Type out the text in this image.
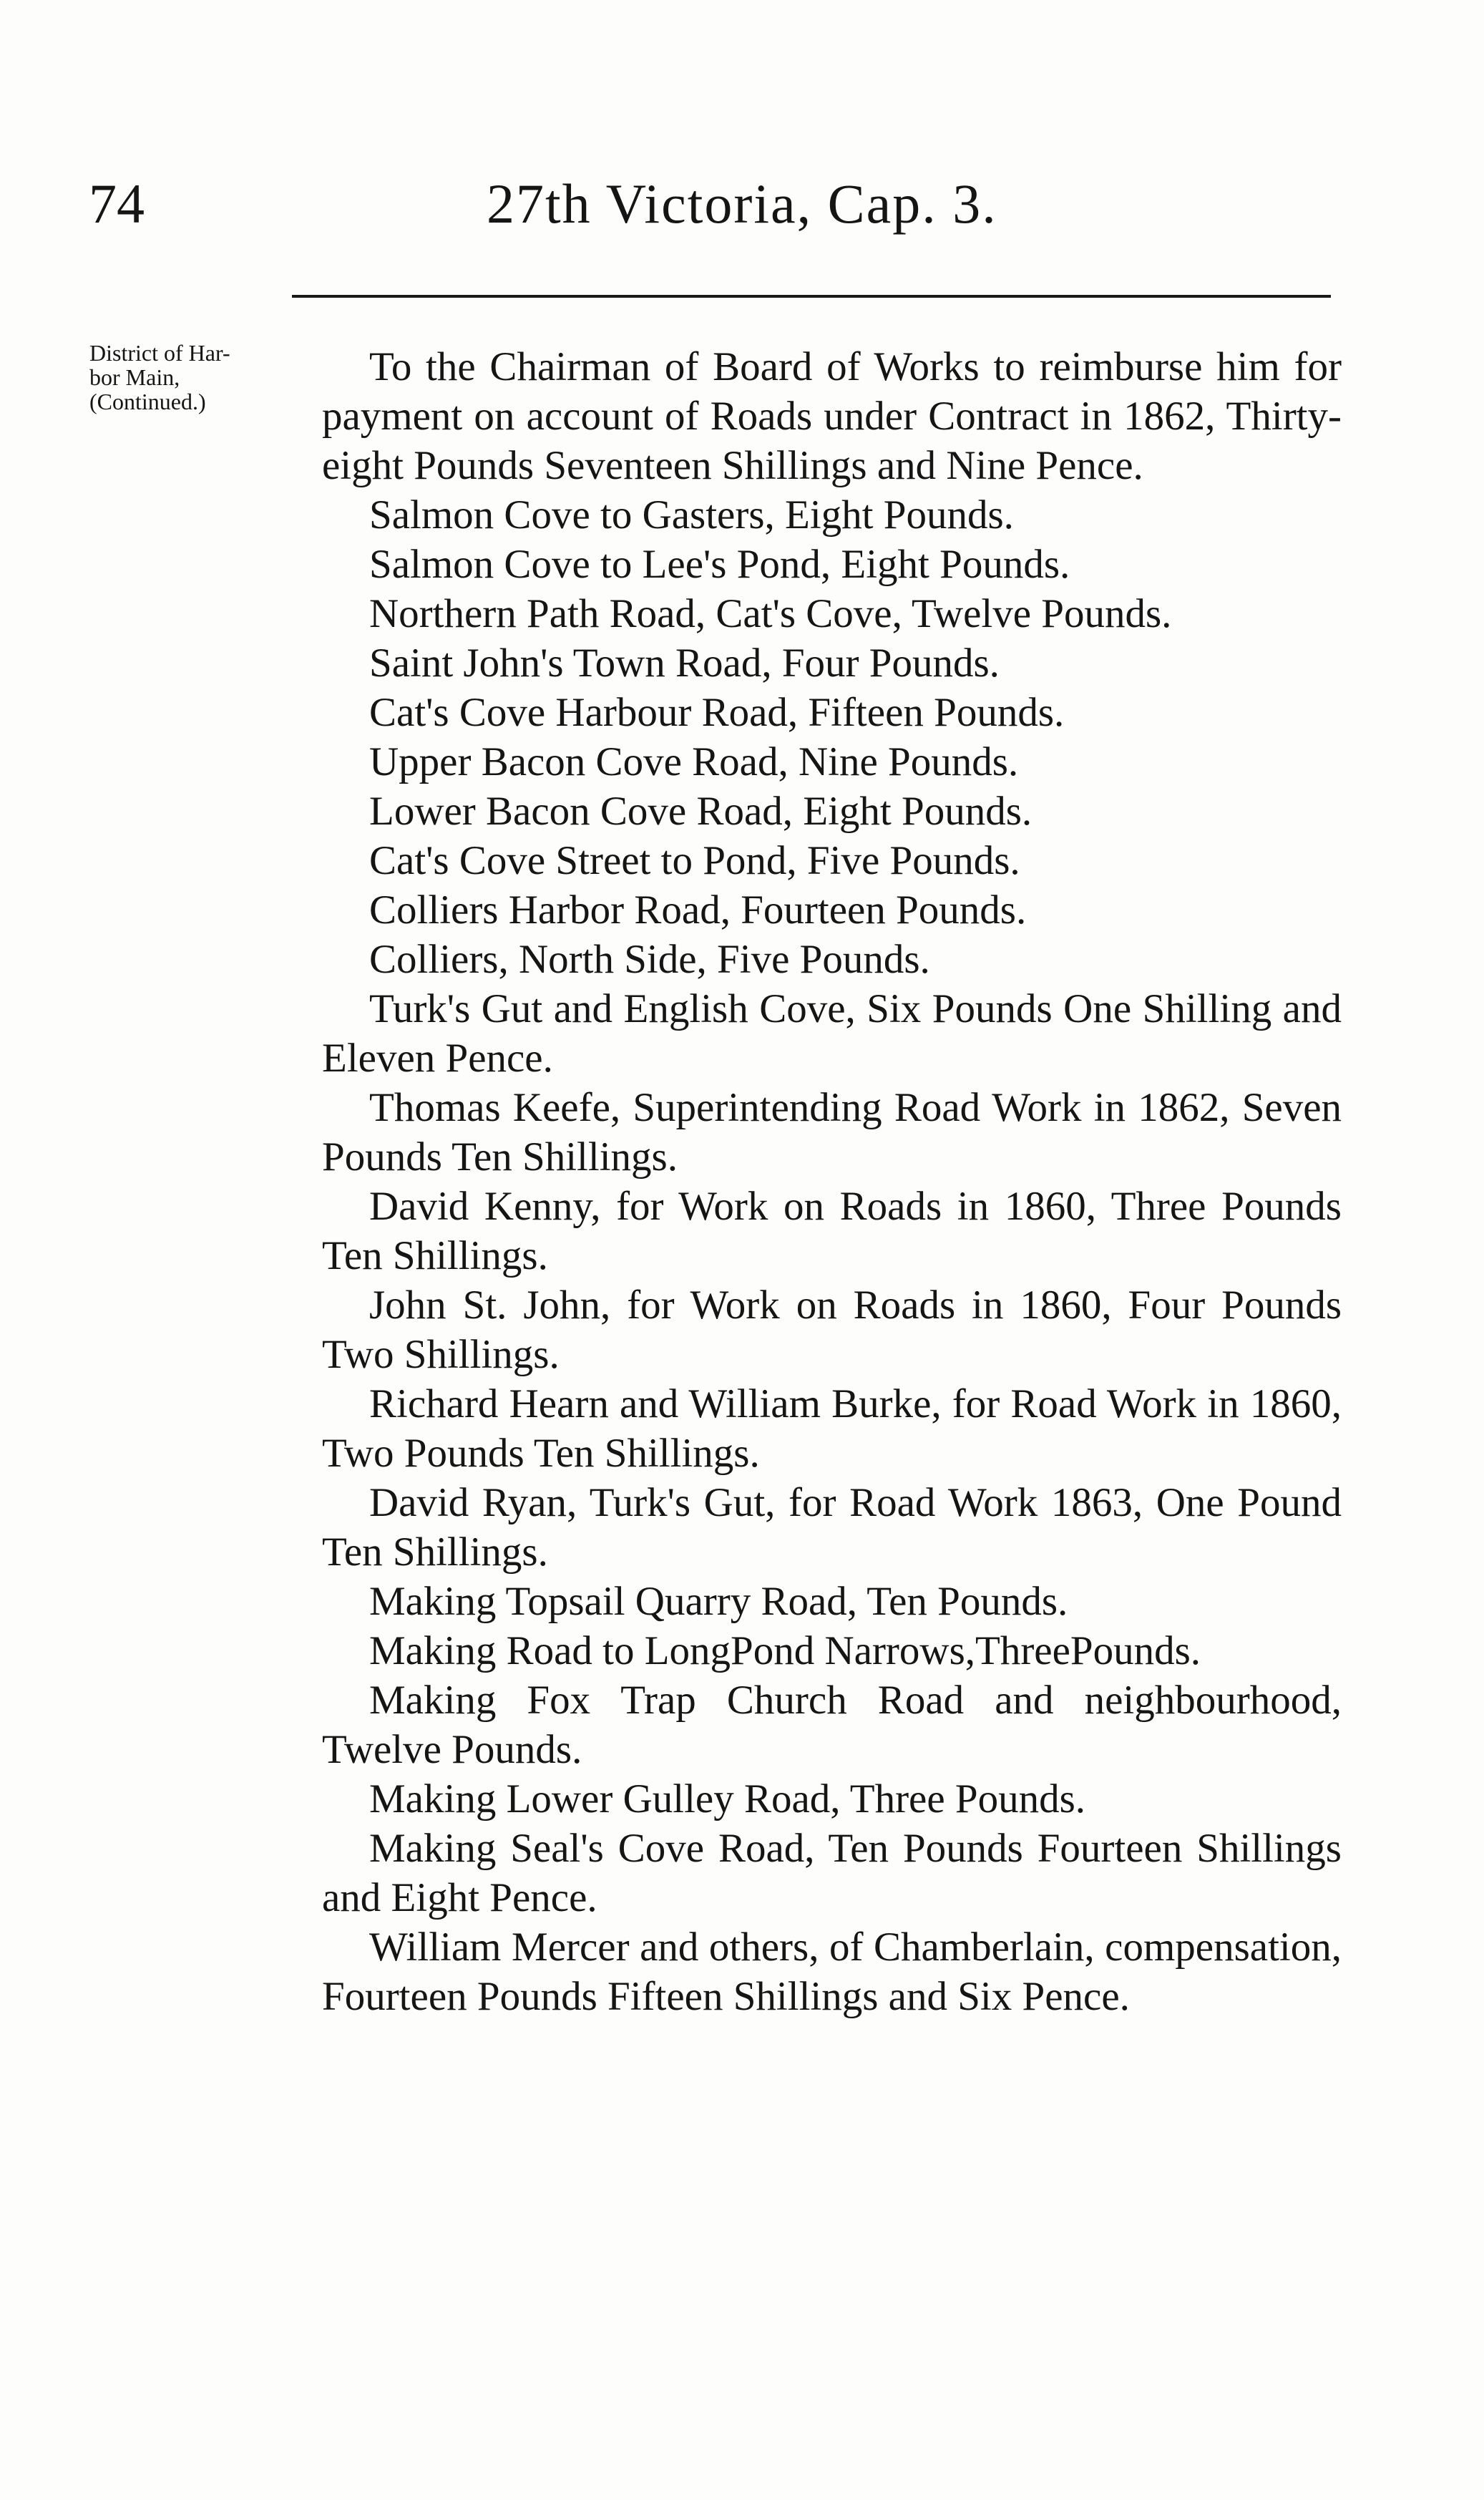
74	27th Victoria, Cap. 3.
District of Har-
bor Main,
(Continued.)

To the Chairman of Board of Works to reimburse him for payment on account of Roads under Contract in 1862, Thirty-eight Pounds Seventeen Shillings and Nine Pence.

Salmon Cove to Gasters, Eight Pounds.

Salmon Cove to Lee's Pond, Eight Pounds.

Northern Path Road, Cat's Cove, Twelve Pounds.

Saint John's Town Road, Four Pounds.

Cat's Cove Harbour Road, Fifteen Pounds.

Upper Bacon Cove Road, Nine Pounds.

Lower Bacon Cove Road, Eight Pounds.

Cat's Cove Street to Pond, Five Pounds.

Colliers Harbor Road, Fourteen Pounds.

Colliers, North Side, Five Pounds.

Turk's Gut and English Cove, Six Pounds One Shilling and Eleven Pence.

Thomas Keefe, Superintending Road Work in 1862, Seven Pounds Ten Shillings.

David Kenny, for Work on Roads in 1860, Three Pounds Ten Shillings.

John St. John, for Work on Roads in 1860, Four Pounds Two Shillings.

Richard Hearn and William Burke, for Road Work in 1860, Two Pounds Ten Shillings.

David Ryan, Turk's Gut, for Road Work 1863, One Pound Ten Shillings.

Making Topsail Quarry Road, Ten Pounds.

Making Road to LongPond Narrows,ThreePounds.

Making Fox Trap Church Road and neighbourhood, Twelve Pounds.

Making Lower Gulley Road, Three Pounds.

Making Seal's Cove Road, Ten Pounds Fourteen Shillings and Eight Pence.

William Mercer and others, of Chamberlain, compensation, Fourteen Pounds Fifteen Shillings and Six Pence.
